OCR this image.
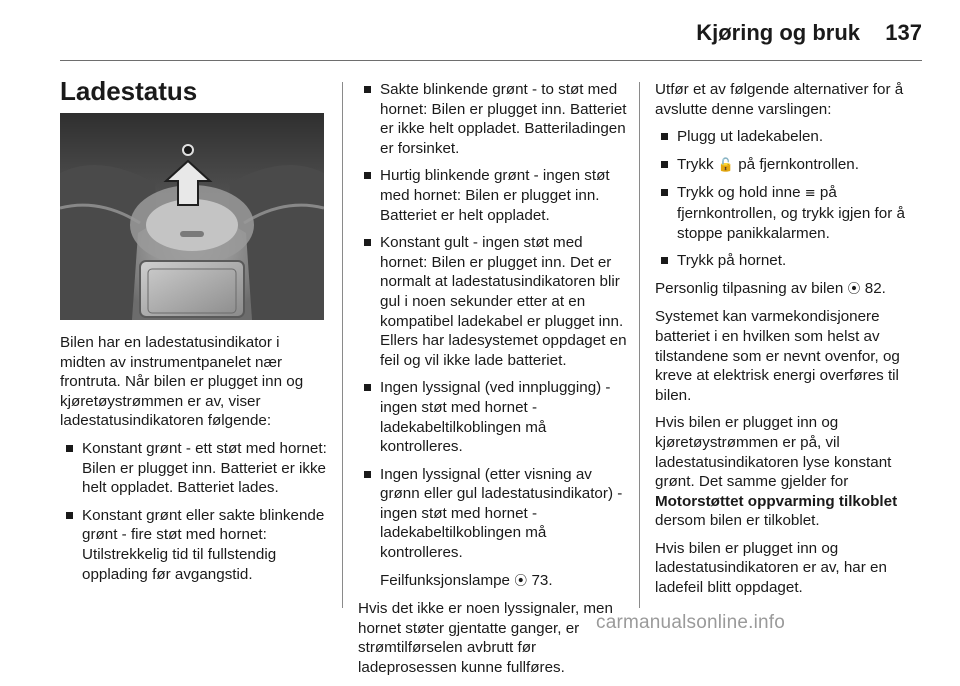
Kjøring og bruk	137
Ladestatus

Bilen har en ladestatusindikator i midten av instrumentpanelet nær frontruta. Når bilen er plugget inn og kjøretøystrømmen er av, viser ladestatusindikatoren følgende:

Konstant grønt - ett støt med hornet: Bilen er plugget inn. Batteriet er ikke helt oppladet. Batteriet lades.
Konstant grønt eller sakte blinkende grønt - fire støt med hornet: Utilstrekkelig tid til fullstendig opplading før avgangstid.
Sakte blinkende grønt - to støt med hornet: Bilen er plugget inn. Batteriet er ikke helt oppladet. Batteriladingen er forsinket.
Hurtig blinkende grønt - ingen støt med hornet: Bilen er plugget inn. Batteriet er helt oppladet.
Konstant gult - ingen støt med hornet: Bilen er plugget inn. Det er normalt at ladestatusindikatoren blir gul i noen sekunder etter at en kompatibel ladekabel er plugget inn. Ellers har ladesystemet oppdaget en feil og vil ikke lade batteriet.
Ingen lyssignal (ved innplugging) - ingen støt med hornet - ladekabeltilkoblingen må kontrolleres.
Ingen lyssignal (etter visning av grønn eller gul ladestatusindikator) - ingen støt med hornet - ladekabeltilkoblingen må kontrolleres.

Feilfunksjonslampe ⦿ 73.

Hvis det ikke er noen lyssignaler, men hornet støter gjentatte ganger, er strømtilførselen avbrutt før ladeprosessen kunne fullføres.

Utfør et av følgende alternativer for å avslutte denne varslingen:

Plugg ut ladekabelen.
Trykk 🔓 på fjernkontrollen.
Trykk og hold inne ≡ på fjernkontrollen, og trykk igjen for å stoppe panikkalarmen.
Trykk på hornet.

Personlig tilpasning av bilen ⦿ 82.

Systemet kan varmekondisjonere batteriet i en hvilken som helst av tilstandene som er nevnt ovenfor, og kreve at elektrisk energi overføres til bilen.

Hvis bilen er plugget inn og kjøretøystrømmen er på, vil ladestatusindikatoren lyse konstant grønt. Det samme gjelder for Motorstøttet oppvarming tilkoblet dersom bilen er tilkoblet.

Hvis bilen er plugget inn og ladestatusindikatoren er av, har en ladefeil blitt oppdaget.

carmanualsonline.info
